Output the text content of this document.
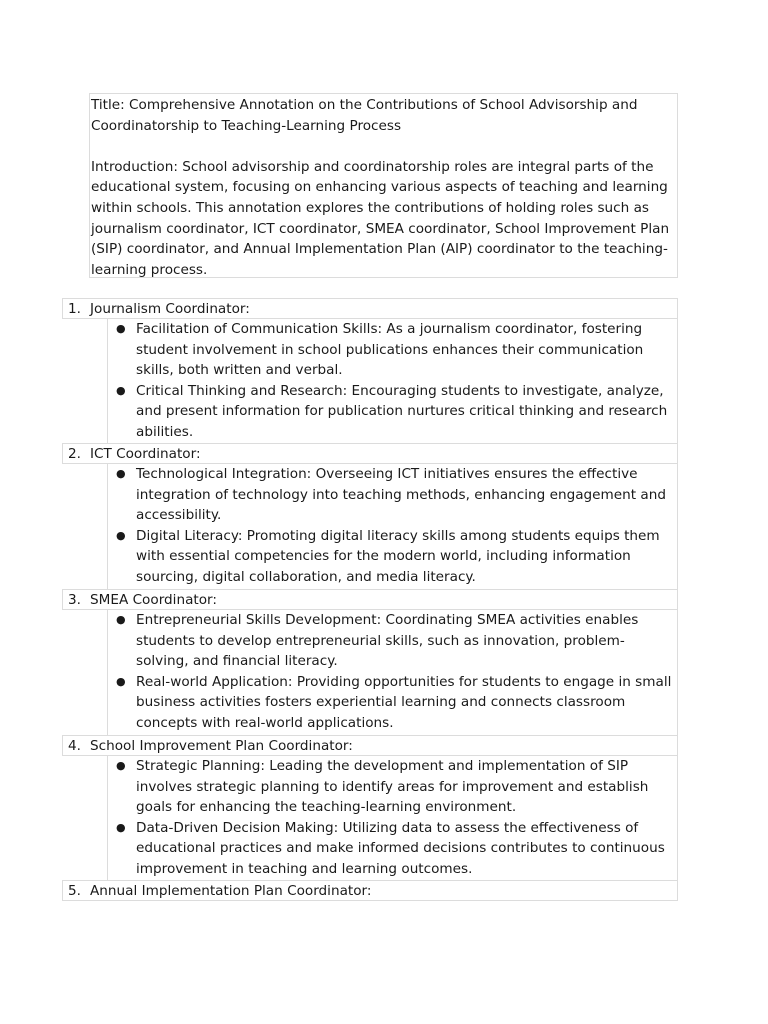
Title: Comprehensive Annotation on the Contributions of School Advisorship and Coordinatorship to Teaching-Learning Process

Introduction: School advisorship and coordinatorship roles are integral parts of the educational system, focusing on enhancing various aspects of teaching and learning within schools. This annotation explores the contributions of holding roles such as journalism coordinator, ICT coordinator, SMEA coordinator, School Improvement Plan (SIP) coordinator, and Annual Implementation Plan (AIP) coordinator to the teaching-learning process.

1. Journalism Coordinator:
● Facilitation of Communication Skills: As a journalism coordinator, fostering student involvement in school publications enhances their communication skills, both written and verbal.
● Critical Thinking and Research: Encouraging students to investigate, analyze, and present information for publication nurtures critical thinking and research abilities.
2. ICT Coordinator:
● Technological Integration: Overseeing ICT initiatives ensures the effective integration of technology into teaching methods, enhancing engagement and accessibility.
● Digital Literacy: Promoting digital literacy skills among students equips them with essential competencies for the modern world, including information sourcing, digital collaboration, and media literacy.
3. SMEA Coordinator:
● Entrepreneurial Skills Development: Coordinating SMEA activities enables students to develop entrepreneurial skills, such as innovation, problem-solving, and financial literacy.
● Real-world Application: Providing opportunities for students to engage in small business activities fosters experiential learning and connects classroom concepts with real-world applications.
4. School Improvement Plan Coordinator:
● Strategic Planning: Leading the development and implementation of SIP involves strategic planning to identify areas for improvement and establish goals for enhancing the teaching-learning environment.
● Data-Driven Decision Making: Utilizing data to assess the effectiveness of educational practices and make informed decisions contributes to continuous improvement in teaching and learning outcomes.
5. Annual Implementation Plan Coordinator:
